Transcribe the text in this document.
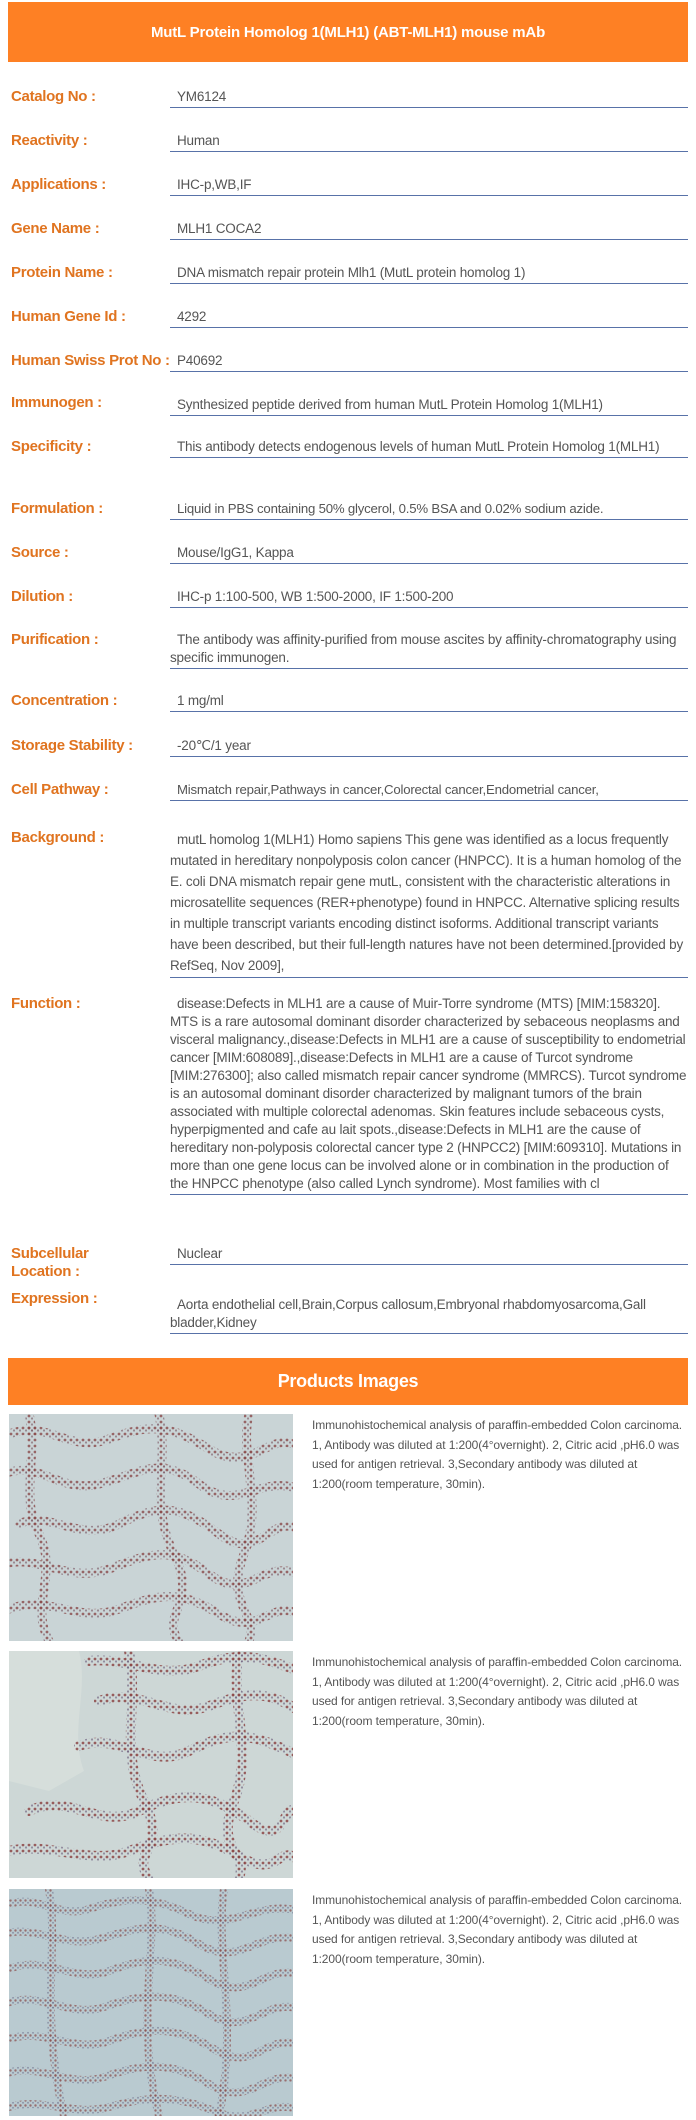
MutL Protein Homolog 1(MLH1) (ABT-MLH1) mouse mAb
Catalog No :	YM6124
Reactivity :	Human
Applications :	IHC-p,WB,IF
Gene Name :	MLH1 COCA2
Protein Name :	DNA mismatch repair protein Mlh1 (MutL protein homolog 1)
Human Gene Id :	4292
Human Swiss Prot No : P40692
Immunogen :	Synthesized peptide derived from human MutL Protein Homolog 1(MLH1)
Specificity :	This antibody detects endogenous levels of human MutL Protein Homolog 1(MLH1)
Formulation :	Liquid in PBS containing 50% glycerol, 0.5% BSA and 0.02% sodium azide.
Source :	Mouse/IgG1, Kappa
Dilution :	IHC-p 1:100-500, WB 1:500-2000, IF 1:500-200
Purification :	The antibody was affinity-purified from mouse ascites by affinity-chromatography using specific immunogen.
Concentration :	1 mg/ml
Storage Stability :	-20℃/1 year
Cell Pathway :	Mismatch repair,Pathways in cancer,Colorectal cancer,Endometrial cancer,
Background :	mutL homolog 1(MLH1) Homo sapiens This gene was identified as a locus frequently mutated in hereditary nonpolyposis colon cancer (HNPCC). It is a human homolog of the E. coli DNA mismatch repair gene mutL, consistent with the characteristic alterations in microsatellite sequences (RER+phenotype) found in HNPCC. Alternative splicing results in multiple transcript variants encoding distinct isoforms. Additional transcript variants have been described, but their full-length natures have not been determined.[provided by RefSeq, Nov 2009],
Function :	disease:Defects in MLH1 are a cause of Muir-Torre syndrome (MTS) [MIM:158320]. MTS is a rare autosomal dominant disorder characterized by sebaceous neoplasms and visceral malignancy.,disease:Defects in MLH1 are a cause of susceptibility to endometrial cancer [MIM:608089].,disease:Defects in MLH1 are a cause of Turcot syndrome [MIM:276300]; also called mismatch repair cancer syndrome (MMRCS). Turcot syndrome is an autosomal dominant disorder characterized by malignant tumors of the brain associated with multiple colorectal adenomas. Skin features include sebaceous cysts, hyperpigmented and cafe au lait spots.,disease:Defects in MLH1 are the cause of hereditary non-polyposis colorectal cancer type 2 (HNPCC2) [MIM:609310]. Mutations in more than one gene locus can be involved alone or in combination in the production of the HNPCC phenotype (also called Lynch syndrome). Most families with cl
Subcellular Location :
Nuclear
Expression :	Aorta endothelial cell,Brain,Corpus callosum,Embryonal rhabdomyosarcoma,Gall bladder,Kidney
Products Images
Immunohistochemical analysis of paraffin-embedded Colon carcinoma. 1, Antibody was diluted at 1:200(4°overnight). 2, Citric acid ,pH6.0 was used for antigen retrieval. 3,Secondary antibody was diluted at 1:200(room temperature, 30min).
Immunohistochemical analysis of paraffin-embedded Colon carcinoma. 1, Antibody was diluted at 1:200(4°overnight). 2, Citric acid ,pH6.0 was used for antigen retrieval. 3,Secondary antibody was diluted at 1:200(room temperature, 30min).
Immunohistochemical analysis of paraffin-embedded Colon carcinoma. 1, Antibody was diluted at 1:200(4°overnight). 2, Citric acid ,pH6.0 was used for antigen retrieval. 3,Secondary antibody was diluted at 1:200(room temperature, 30min).
